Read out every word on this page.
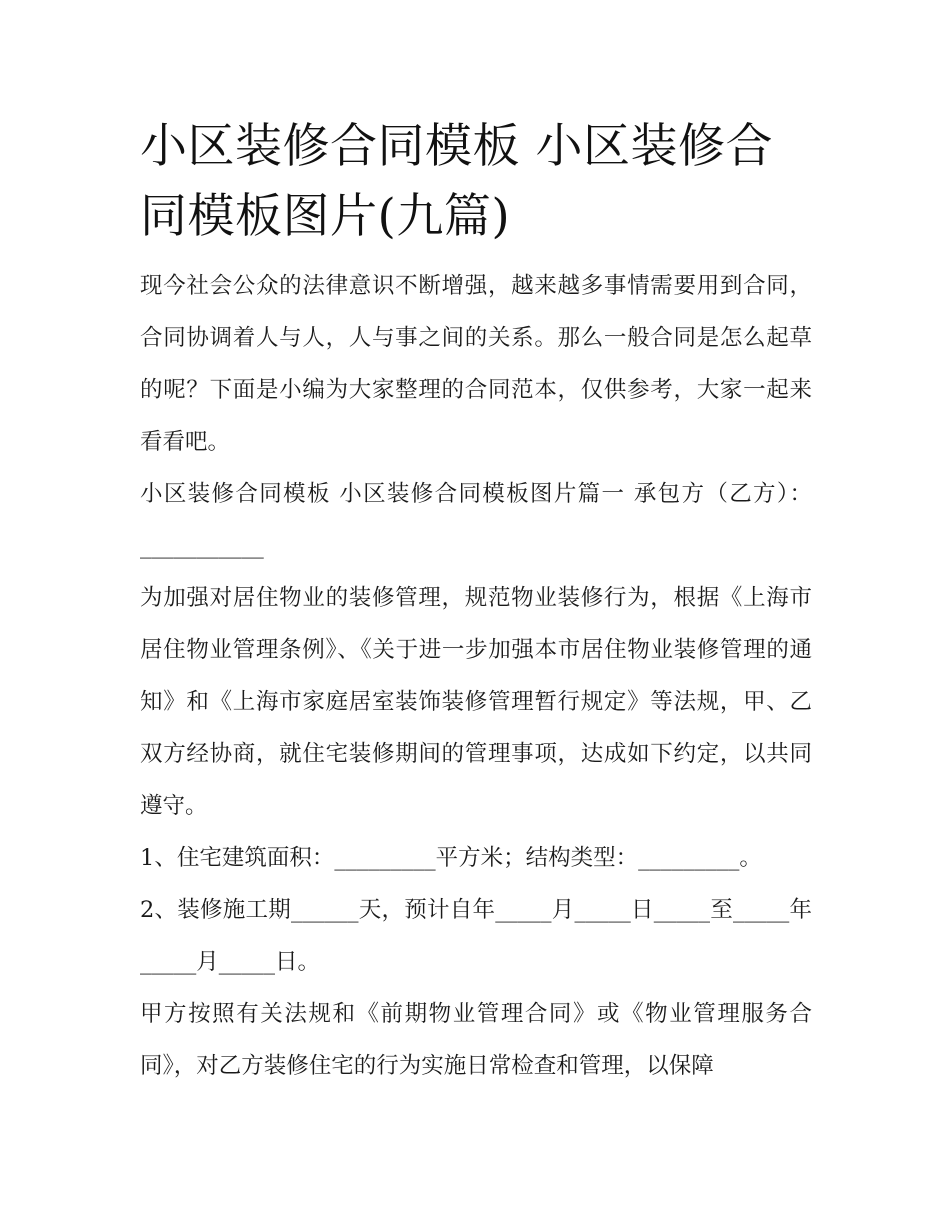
小区装修合同模板 小区装修合同模板图片(九篇)

现今社会公众的法律意识不断增强，越来越多事情需要用到合同，合同协调着人与人，人与事之间的关系。那么一般合同是怎么起草的呢？下面是小编为大家整理的合同范本，仅供参考，大家一起来看看吧。

小区装修合同模板 小区装修合同模板图片篇一 承包方（乙方）：___________

为加强对居住物业的装修管理，规范物业装修行为，根据《上海市居住物业管理条例》、《关于进一步加强本市居住物业装修管理的通知》和《上海市家庭居室装饰装修管理暂行规定》等法规，甲、乙双方经协商，就住宅装修期间的管理事项，达成如下约定，以共同遵守。

1、住宅建筑面积：_________平方米；结构类型：_________。

2、装修施工期______天，预计自年_____月_____日_____至_____年_____月_____日。

甲方按照有关法规和《前期物业管理合同》或《物业管理服务合同》，对乙方装修住宅的行为实施日常检查和管理，以保障
